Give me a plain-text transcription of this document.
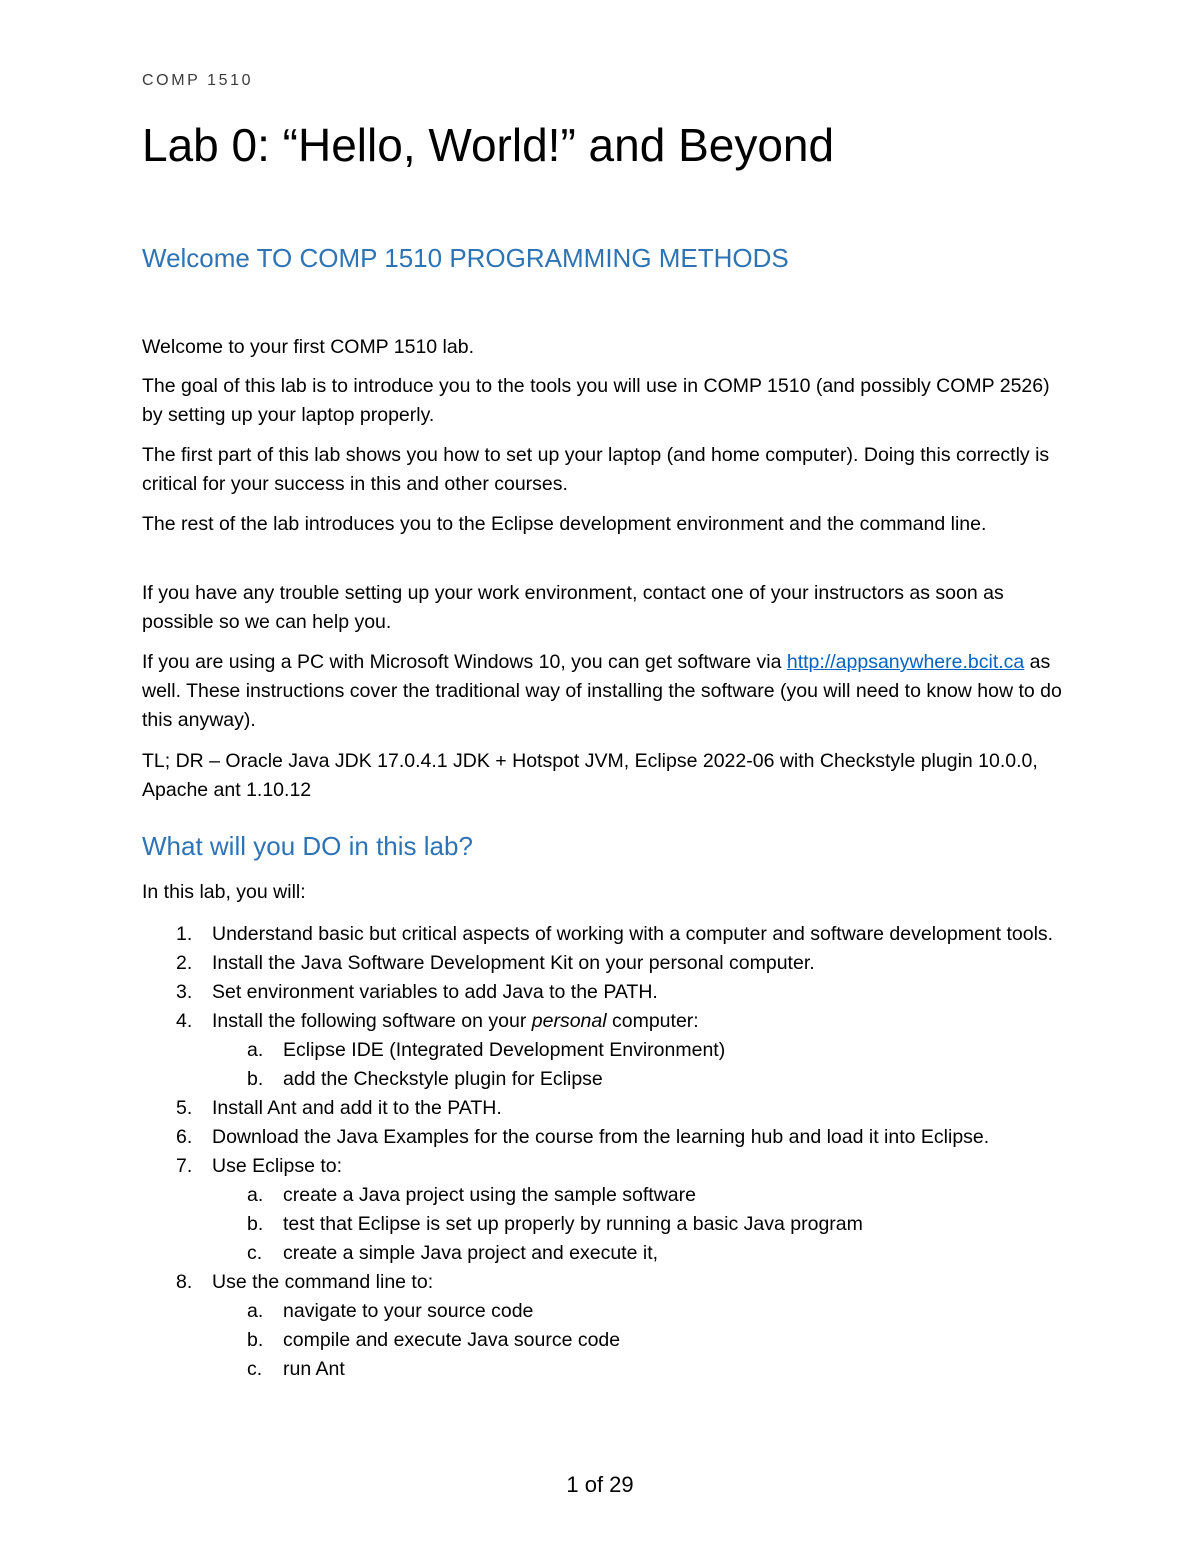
COMP 1510
Lab 0: “Hello, World!” and Beyond
Welcome TO COMP 1510 PROGRAMMING METHODS

Welcome to your first COMP 1510 lab.

The goal of this lab is to introduce you to the tools you will use in COMP 1510 (and possibly COMP 2526) by setting up your laptop properly.

The first part of this lab shows you how to set up your laptop (and home computer). Doing this correctly is critical for your success in this and other courses.

The rest of the lab introduces you to the Eclipse development environment and the command line.

If you have any trouble setting up your work environment, contact one of your instructors as soon as possible so we can help you.

If you are using a PC with Microsoft Windows 10, you can get software via http://appsanywhere.bcit.ca as well. These instructions cover the traditional way of installing the software (you will need to know how to do this anyway).

TL; DR – Oracle Java JDK 17.0.4.1 JDK + Hotspot JVM, Eclipse 2022-06 with Checkstyle plugin 10.0.0, Apache ant 1.10.12

What will you DO in this lab?

In this lab, you will:

1. Understand basic but critical aspects of working with a computer and software development tools.
2. Install the Java Software Development Kit on your personal computer.
3. Set environment variables to add Java to the PATH.
4. Install the following software on your personal computer:
a. Eclipse IDE (Integrated Development Environment)
b. add the Checkstyle plugin for Eclipse
5. Install Ant and add it to the PATH.
6. Download the Java Examples for the course from the learning hub and load it into Eclipse.
7. Use Eclipse to:
a. create a Java project using the sample software
b. test that Eclipse is set up properly by running a basic Java program
c. create a simple Java project and execute it,
8. Use the command line to:
a. navigate to your source code
b. compile and execute Java source code
c. run Ant
1 of 29
